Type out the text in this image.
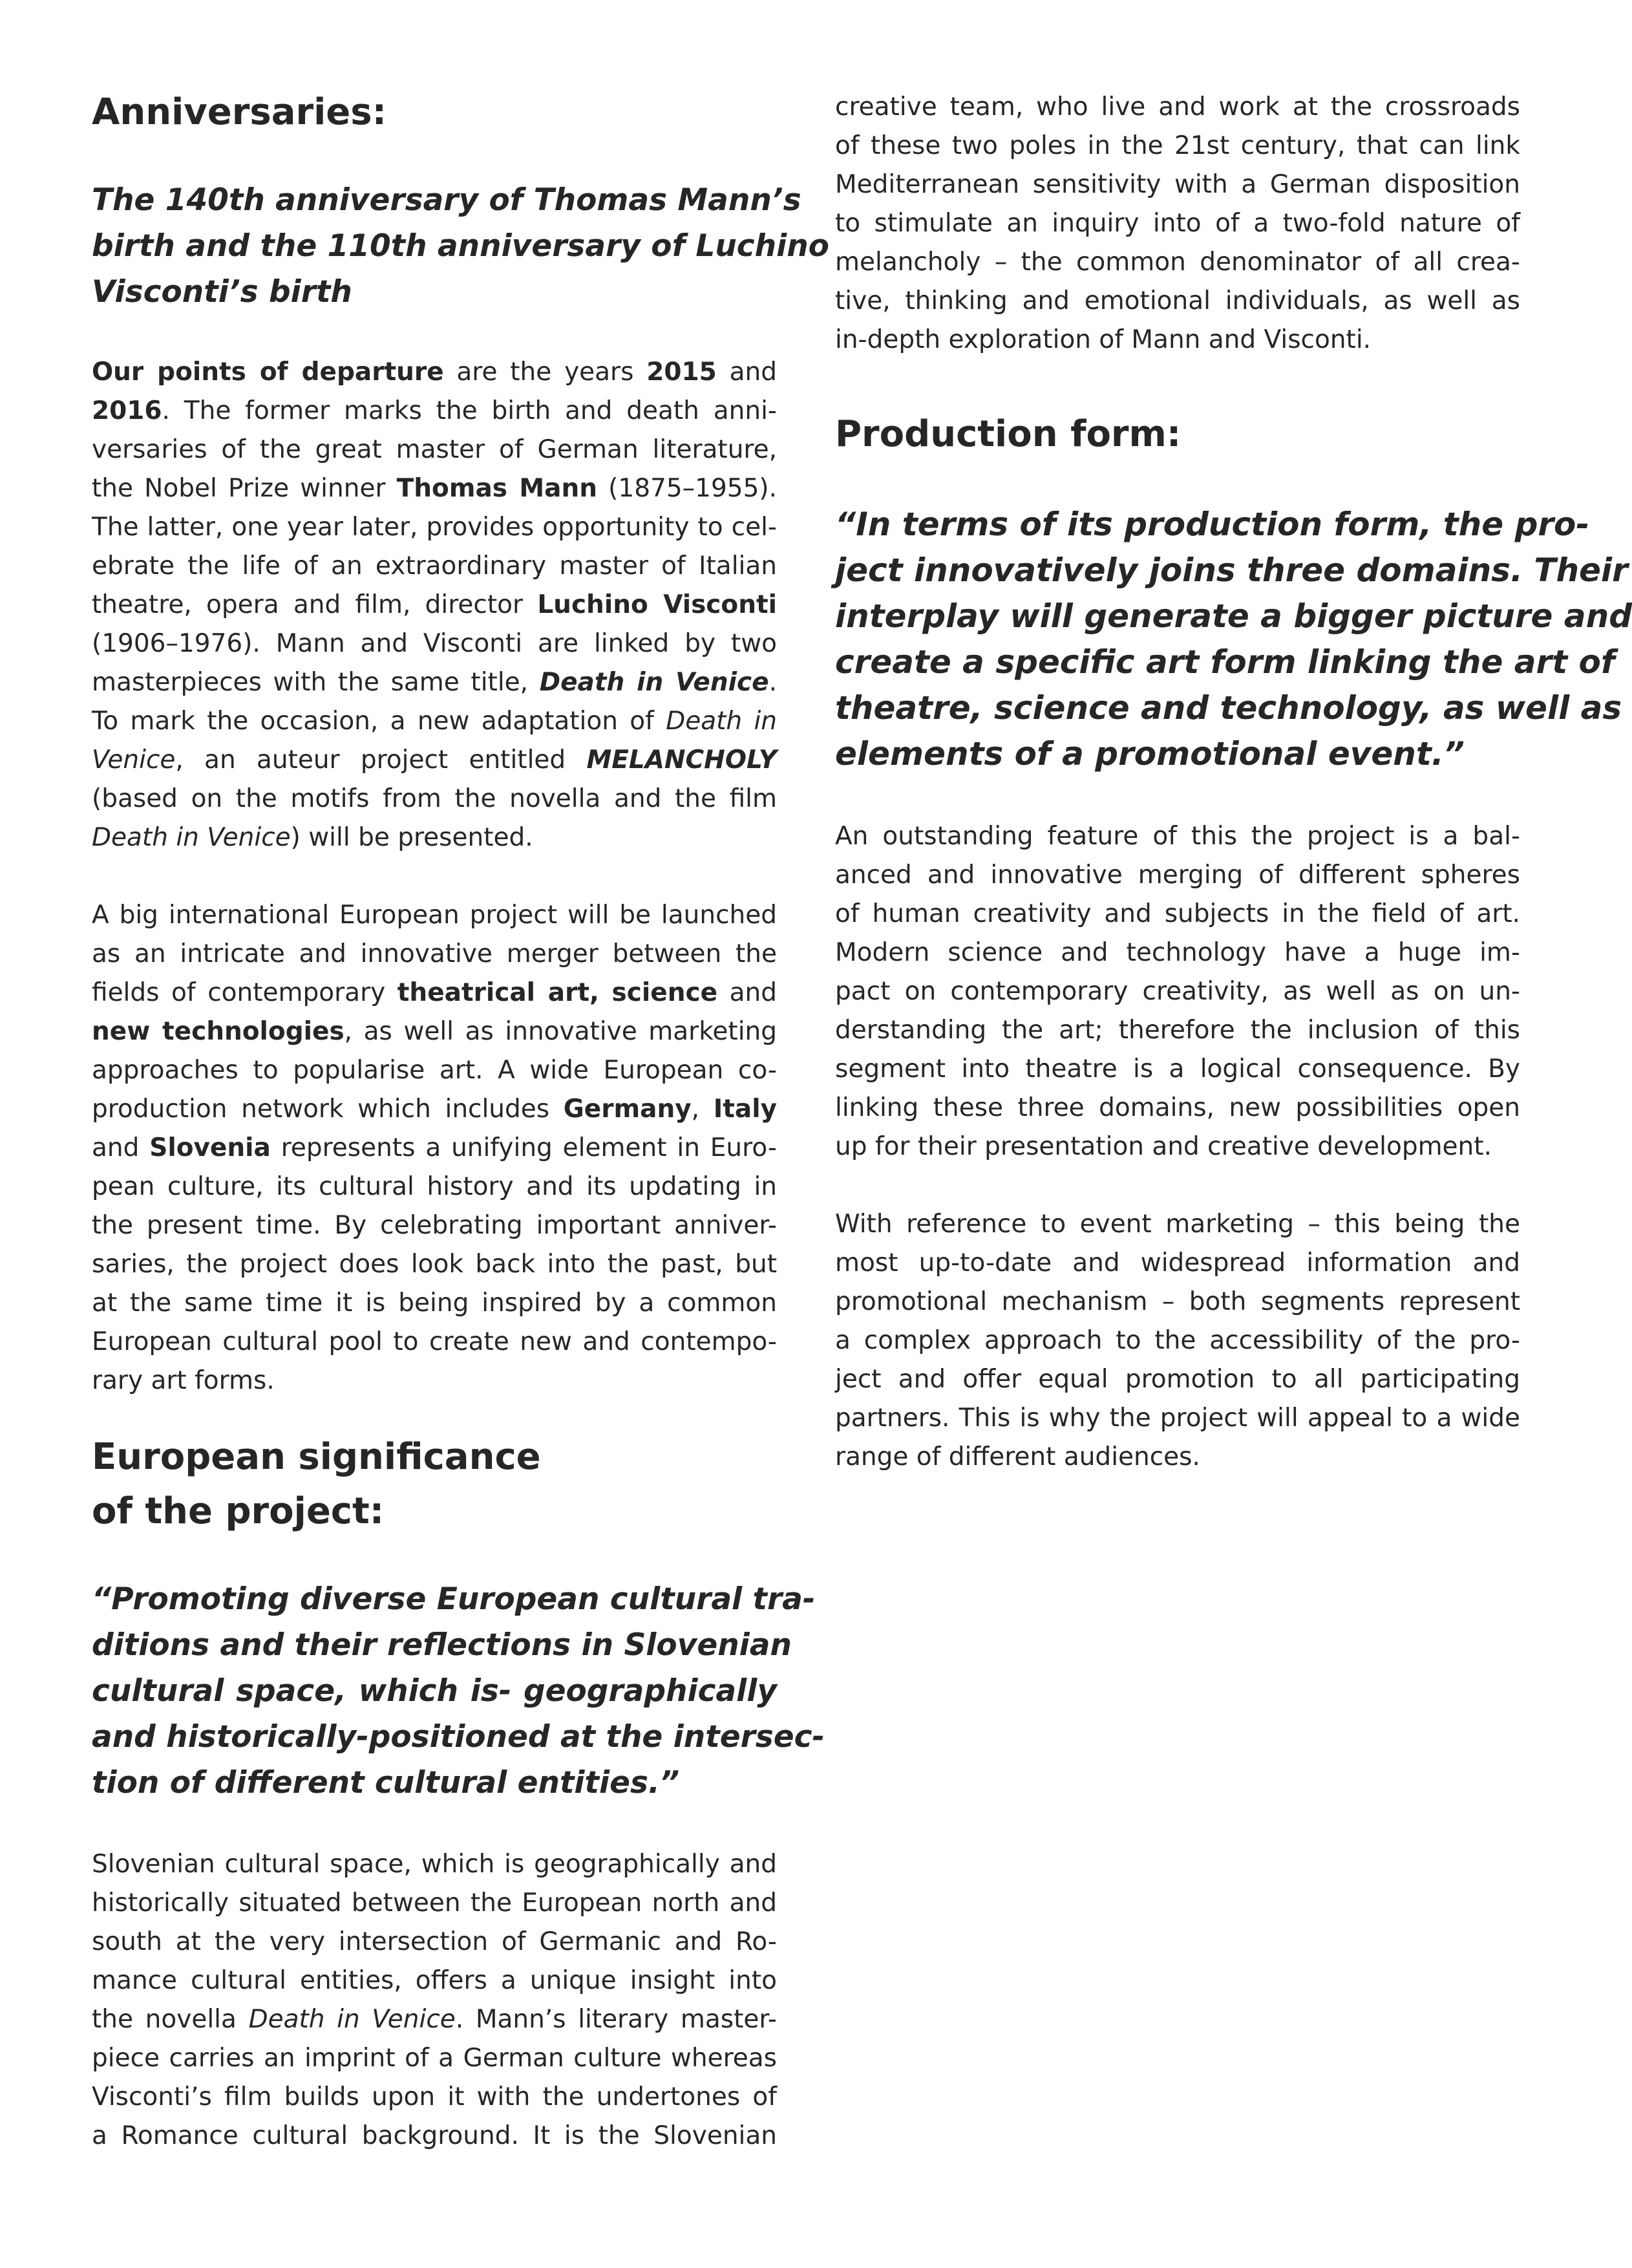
Anniversaries:
The 140th anniversary of Thomas Mann’s
birth and the 110th anniversary of Luchino
Visconti’s birth
Our points of departure are the years 2015 and
2016. The former marks the birth and death anni-
versaries of the great master of German literature,
the Nobel Prize winner Thomas Mann (1875–1955).
The latter, one year later, provides opportunity to cel-
ebrate the life of an extraordinary master of Italian
theatre, opera and film, director Luchino Visconti
(1906–1976). Mann and Visconti are linked by two
masterpieces with the same title, Death in Venice.
To mark the occasion, a new adaptation of Death in
Venice, an auteur project entitled MELANCHOLY
(based on the motifs from the novella and the film
Death in Venice) will be presented.
A big international European project will be launched
as an intricate and innovative merger between the
fields of contemporary theatrical art, science and
new technologies, as well as innovative marketing
approaches to popularise art. A wide European co-
production network which includes Germany, Italy
and Slovenia represents a unifying element in Euro-
pean culture, its cultural history and its updating in
the present time. By celebrating important anniver-
saries, the project does look back into the past, but
at the same time it is being inspired by a common
European cultural pool to create new and contempo-
rary art forms.
European significance
of the project:
“Promoting diverse European cultural tra-
ditions and their reflections in Slovenian
cultural space, which is- geographically
and historically-positioned at the intersec-
tion of different cultural entities.”
Slovenian cultural space, which is geographically and
historically situated between the European north and
south at the very intersection of Germanic and Ro-
mance cultural entities, offers a unique insight into
the novella Death in Venice. Mann’s literary master-
piece carries an imprint of a German culture whereas
Visconti’s film builds upon it with the undertones of
a Romance cultural background. It is the Slovenian
creative team, who live and work at the crossroads
of these two poles in the 21st century, that can link
Mediterranean sensitivity with a German disposition
to stimulate an inquiry into of a two-fold nature of
melancholy – the common denominator of all crea-
tive, thinking and emotional individuals, as well as
in-depth exploration of Mann and Visconti.
Production form:
“In terms of its production form, the pro-
ject innovatively joins three domains. Their
interplay will generate a bigger picture and
create a specific art form linking the art of
theatre, science and technology, as well as
elements of a promotional event.”
An outstanding feature of this the project is a bal-
anced and innovative merging of different spheres
of human creativity and subjects in the field of art.
Modern science and technology have a huge im-
pact on contemporary creativity, as well as on un-
derstanding the art; therefore the inclusion of this
segment into theatre is a logical consequence. By
linking these three domains, new possibilities open
up for their presentation and creative development.
With reference to event marketing – this being the
most up-to-date and widespread information and
promotional mechanism – both segments represent
a complex approach to the accessibility of the pro-
ject and offer equal promotion to all participating
partners. This is why the project will appeal to a wide
range of different audiences.
